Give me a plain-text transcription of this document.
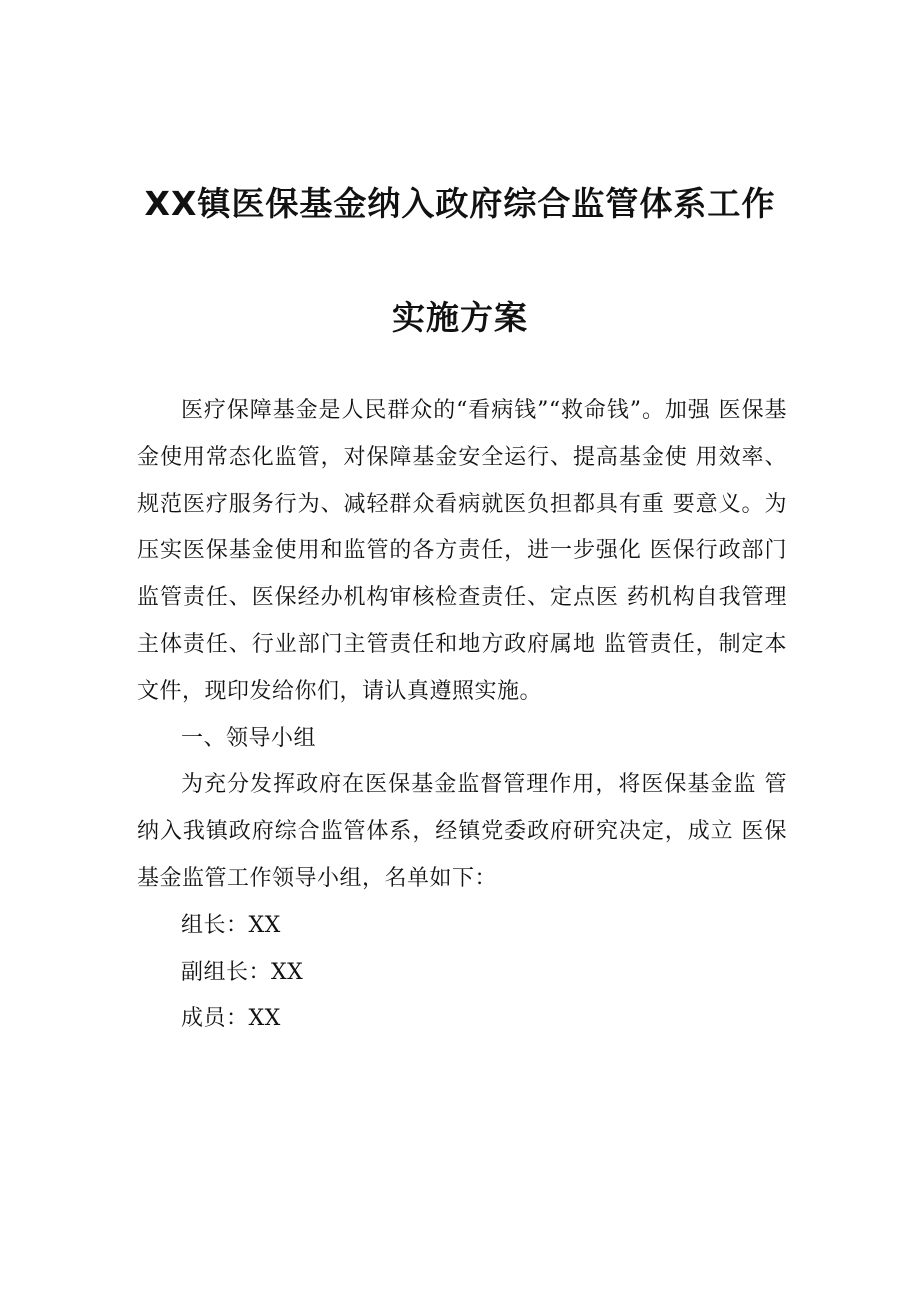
XX镇医保基金纳入政府综合监管体系工作
实施方案

医疗保障基金是人民群众的“看病钱”“救命钱”。加强 医保基金使用常态化监管，对保障基金安全运行、提高基金使 用效率、规范医疗服务行为、减轻群众看病就医负担都具有重 要意义。为压实医保基金使用和监管的各方责任，进一步强化 医保行政部门监管责任、医保经办机构审核检查责任、定点医 药机构自我管理主体责任、行业部门主管责任和地方政府属地 监管责任，制定本文件，现印发给你们，请认真遵照实施。

一、领导小组

为充分发挥政府在医保基金监督管理作用，将医保基金监 管纳入我镇政府综合监管体系，经镇党委政府研究决定，成立 医保基金监管工作领导小组，名单如下：

组长：XX

副组长：XX

成员：XX
